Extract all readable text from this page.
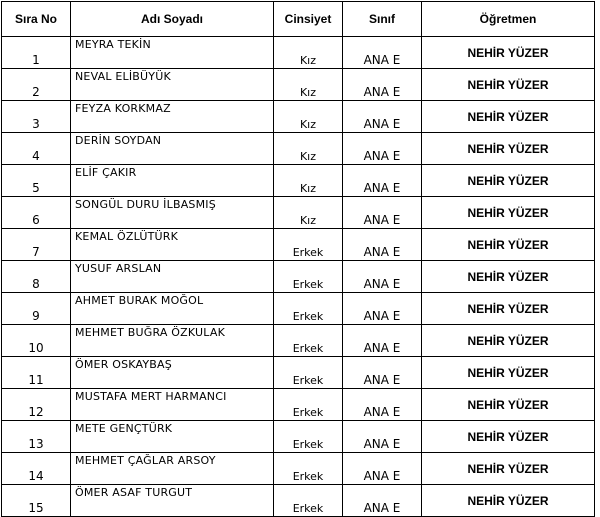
Sıra No	Adı Soyadı	Cinsiyet	Sınıf	Öğretmen
1	MEYRA TEKİN	Kız	ANA E	NEHİR YÜZER
2	NEVAL ELİBÜYÜK	Kız	ANA E	NEHİR YÜZER
3	FEYZA KORKMAZ	Kız	ANA E	NEHİR YÜZER
4	DERİN SOYDAN	Kız	ANA E	NEHİR YÜZER
5	ELİF ÇAKIR	Kız	ANA E	NEHİR YÜZER
6	SONGÜL DURU İLBASMIŞ	Kız	ANA E	NEHİR YÜZER
7	KEMAL ÖZLÜTÜRK	Erkek	ANA E	NEHİR YÜZER
8	YUSUF ARSLAN	Erkek	ANA E	NEHİR YÜZER
9	AHMET BURAK MOĞOL	Erkek	ANA E	NEHİR YÜZER
10	MEHMET BUĞRA ÖZKULAK	Erkek	ANA E	NEHİR YÜZER
11	ÖMER OSKAYBAŞ	Erkek	ANA E	NEHİR YÜZER
12	MUSTAFA MERT HARMANCI	Erkek	ANA E	NEHİR YÜZER
13	METE GENÇTÜRK	Erkek	ANA E	NEHİR YÜZER
14	MEHMET ÇAĞLAR ARSOY	Erkek	ANA E	NEHİR YÜZER
15	ÖMER ASAF TURGUT	Erkek	ANA E	NEHİR YÜZER
